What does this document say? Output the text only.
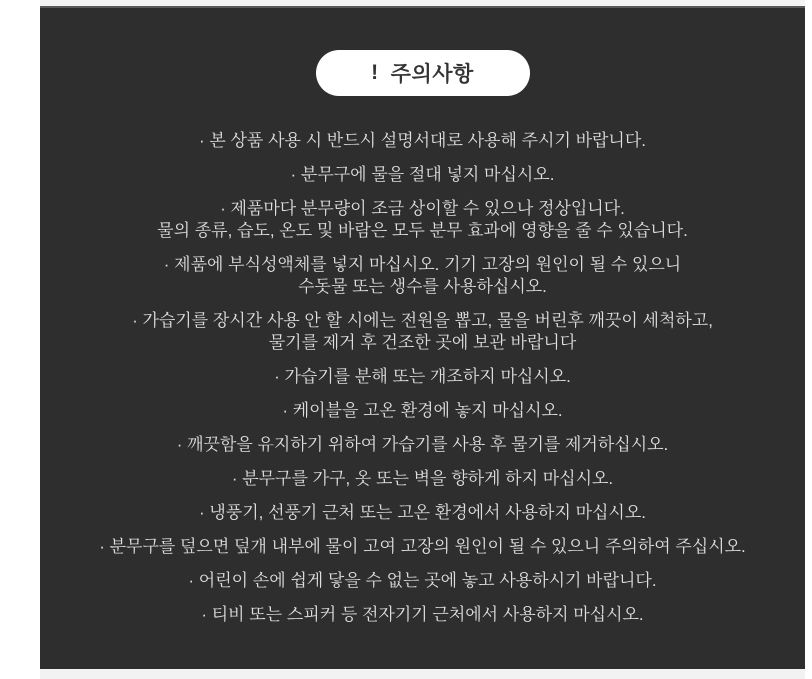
! 주의사항

· 본 상품 사용 시 반드시 설명서대로 사용해 주시기 바랍니다.

· 분무구에 물을 절대 넣지 마십시오.

· 제품마다 분무량이 조금 상이할 수 있으나 정상입니다.
물의 종류, 습도, 온도 및 바람은 모두 분무 효과에 영향을 줄 수 있습니다.

· 제품에 부식성액체를 넣지 마십시오. 기기 고장의 원인이 될 수 있으니
수돗물 또는 생수를 사용하십시오.

· 가습기를 장시간 사용 안 할 시에는 전원을 뽑고, 물을 버린후 깨끗이 세척하고,
물기를 제거 후 건조한 곳에 보관 바랍니다

· 가습기를 분해 또는 개조하지 마십시오.

· 케이블을 고온 환경에 놓지 마십시오.

· 깨끗함을 유지하기 위하여 가습기를 사용 후 물기를 제거하십시오.

· 분무구를 가구, 옷 또는 벽을 향하게 하지 마십시오.

· 냉풍기, 선풍기 근처 또는 고온 환경에서 사용하지 마십시오.

· 분무구를 덮으면 덮개 내부에 물이 고여 고장의 원인이 될 수 있으니 주의하여 주십시오.

· 어린이 손에 쉽게 닿을 수 없는 곳에 놓고 사용하시기 바랍니다.

· 티비 또는 스피커 등 전자기기 근처에서 사용하지 마십시오.
